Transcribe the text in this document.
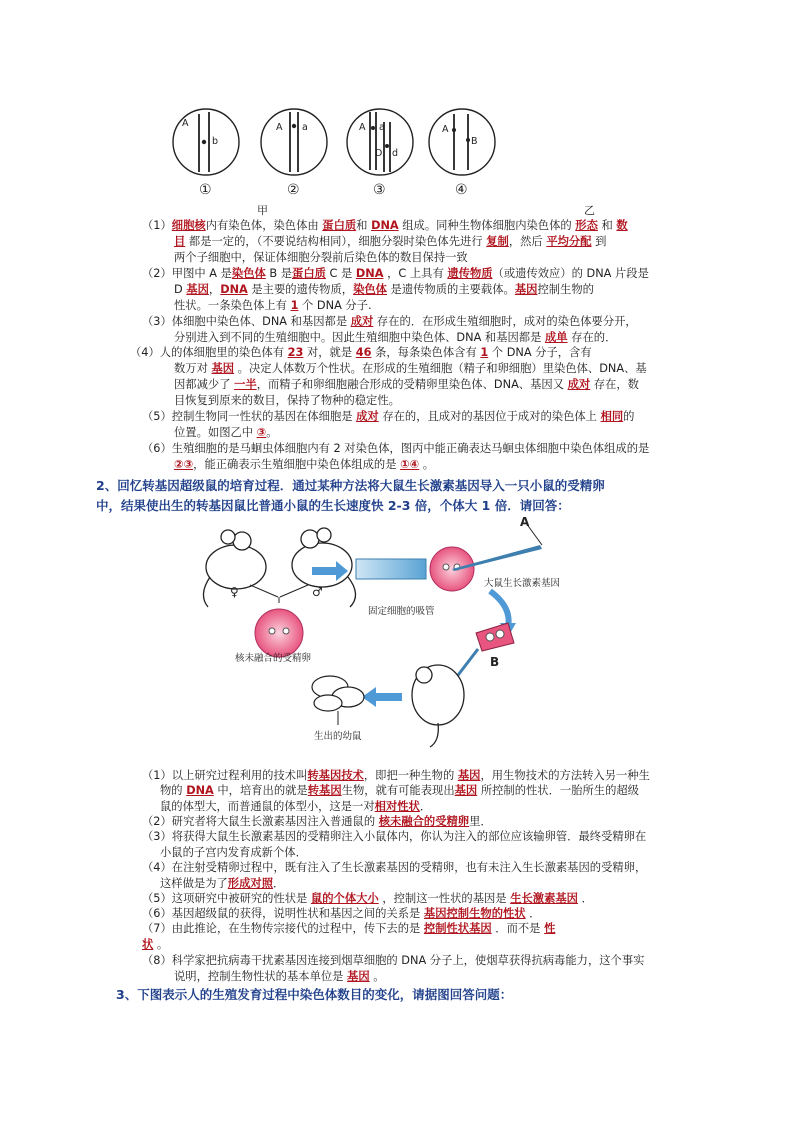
A
b
A a	A a
D d
A
B
①	②	③	④
甲	乙
（1）细胞核内有染色体，染色体由 蛋白质和 DNA 组成。同种生物体细胞内染色体的 形态 和 数
目 都是一定的，（不要说结构相同），细胞分裂时染色体先进行 复制，然后 平均分配 到
两个子细胞中，保证体细胞分裂前后染色体的数目保持一致
（2）甲图中 A 是染色体 B 是蛋白质 C 是 DNA ，C 上具有 遗传物质（或遗传效应）的 DNA 片段是
D 基因，DNA 是主要的遗传物质，染色体 是遗传物质的主要载体。基因控制生物的
性状。一条染色体上有 1 个 DNA 分子.
（3）体细胞中染色体、DNA 和基因都是 成对 存在的．在形成生殖细胞时，成对的染色体要分开，
分别进入到不同的生殖细胞中。因此生殖细胞中染色体、DNA 和基因都是 成单 存在的．
（4）人的体细胞里的染色体有 23 对，就是 46 条，每条染色体含有 1 个 DNA 分子，含有
数万对 基因 。决定人体数万个性状。在形成的生殖细胞（精子和卵细胞）里染色体、DNA、基
因都减少了 一半，而精子和卵细胞融合形成的受精卵里染色体、DNA、基因又 成对 存在，数
目恢复到原来的数目，保持了物种的稳定性。
（5）控制生物同一性状的基因在体细胞是 成对 存在的，且成对的基因位于成对的染色体上 相同的
位置。如图乙中 ③。
（6）生殖细胞的是马蛔虫体细胞内有 2 对染色体，图丙中能正确表达马蛔虫体细胞中染色体组成的是
②③，能正确表示生殖细胞中染色体组成的是 ①④ 。
2、回忆转基因超级鼠的培育过程．通过某种方法将大鼠生长激素基因导入一只小鼠的受精卵
中，结果使出生的转基因鼠比普通小鼠的生长速度快 2-3 倍，个体大 1 倍．请回答：
核未融合的受精卵
固定细胞的吸管
大鼠生长激素基因
生出的幼鼠
A
B
♀	♂
（1）以上研究过程利用的技术叫转基因技术，即把一种生物的 基因，用生物技术的方法转入另一种生
物的 DNA 中，培育出的就是转基因生物，就有可能表现出基因 所控制的性状．一胎所生的超级
鼠的体型大，而普通鼠的体型小，这是一对相对性状．
（2）研究者将大鼠生长激素基因注入普通鼠的 核未融合的受精卵里．
（3）将获得大鼠生长激素基因的受精卵注入小鼠体内，你认为注入的部位应该输卵管．最终受精卵在
小鼠的子宫内发育成新个体．
（4）在注射受精卵过程中，既有注入了生长激素基因的受精卵，也有未注入生长激素基因的受精卵，
这样做是为了形成对照．
（5）这项研究中被研究的性状是 鼠的个体大小 ，控制这一性状的基因是 生长激素基因 ．
（6）基因超级鼠的获得，说明性状和基因之间的关系是 基因控制生物的性状 ．
（7）由此推论，在生物传宗接代的过程中，传下去的是 控制性状基因 ．而不是 性
状 。
（8）科学家把抗病毒干扰素基因连接到烟草细胞的 DNA 分子上，使烟草获得抗病毒能力，这个事实
说明，控制生物性状的基本单位是 基因 。
3、下图表示人的生殖发育过程中染色体数目的变化，请据图回答问题：
